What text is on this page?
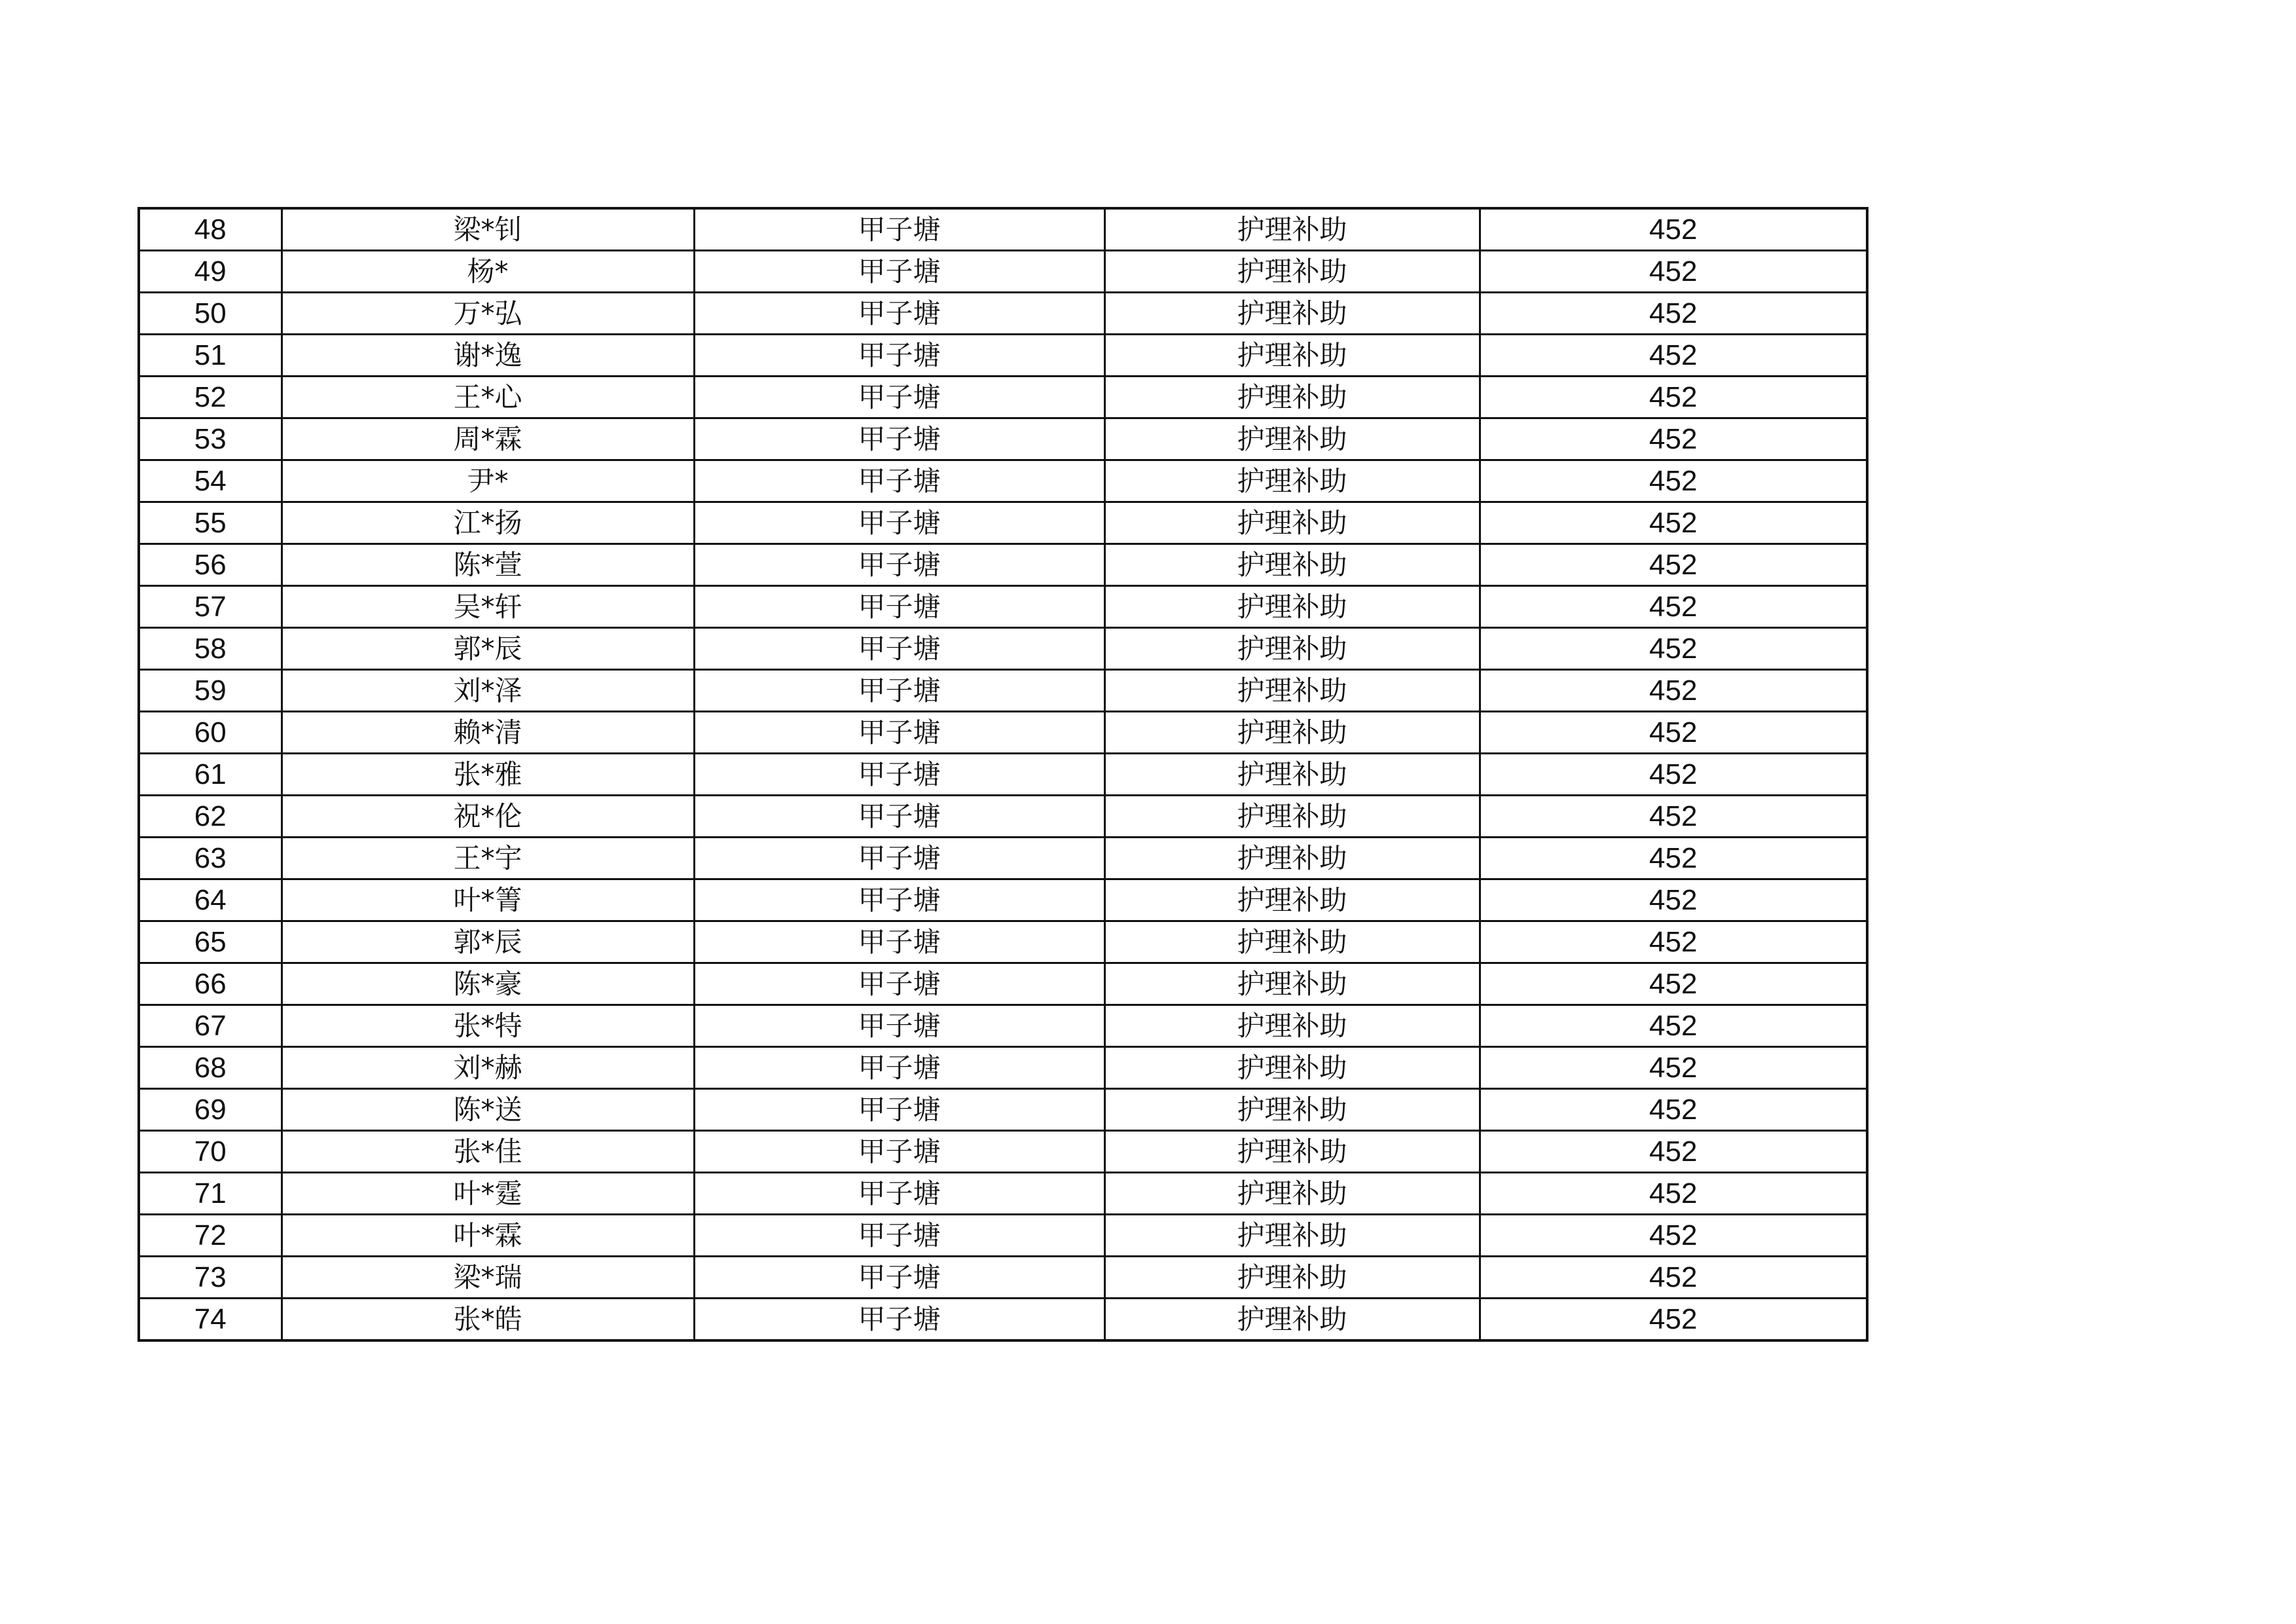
48	梁*钊	甲子塘	护理补助	452
49	杨*	甲子塘	护理补助	452
50	万*弘	甲子塘	护理补助	452
51	谢*逸	甲子塘	护理补助	452
52	王*心	甲子塘	护理补助	452
53	周*霖	甲子塘	护理补助	452
54	尹*	甲子塘	护理补助	452
55	江*扬	甲子塘	护理补助	452
56	陈*萱	甲子塘	护理补助	452
57	吴*轩	甲子塘	护理补助	452
58	郭*辰	甲子塘	护理补助	452
59	刘*泽	甲子塘	护理补助	452
60	赖*清	甲子塘	护理补助	452
61	张*雅	甲子塘	护理补助	452
62	祝*伦	甲子塘	护理补助	452
63	王*宇	甲子塘	护理补助	452
64	叶*箐	甲子塘	护理补助	452
65	郭*辰	甲子塘	护理补助	452
66	陈*豪	甲子塘	护理补助	452
67	张*特	甲子塘	护理补助	452
68	刘*赫	甲子塘	护理补助	452
69	陈*送	甲子塘	护理补助	452
70	张*佳	甲子塘	护理补助	452
71	叶*霆	甲子塘	护理补助	452
72	叶*霖	甲子塘	护理补助	452
73	梁*瑞	甲子塘	护理补助	452
74	张*皓	甲子塘	护理补助	452
